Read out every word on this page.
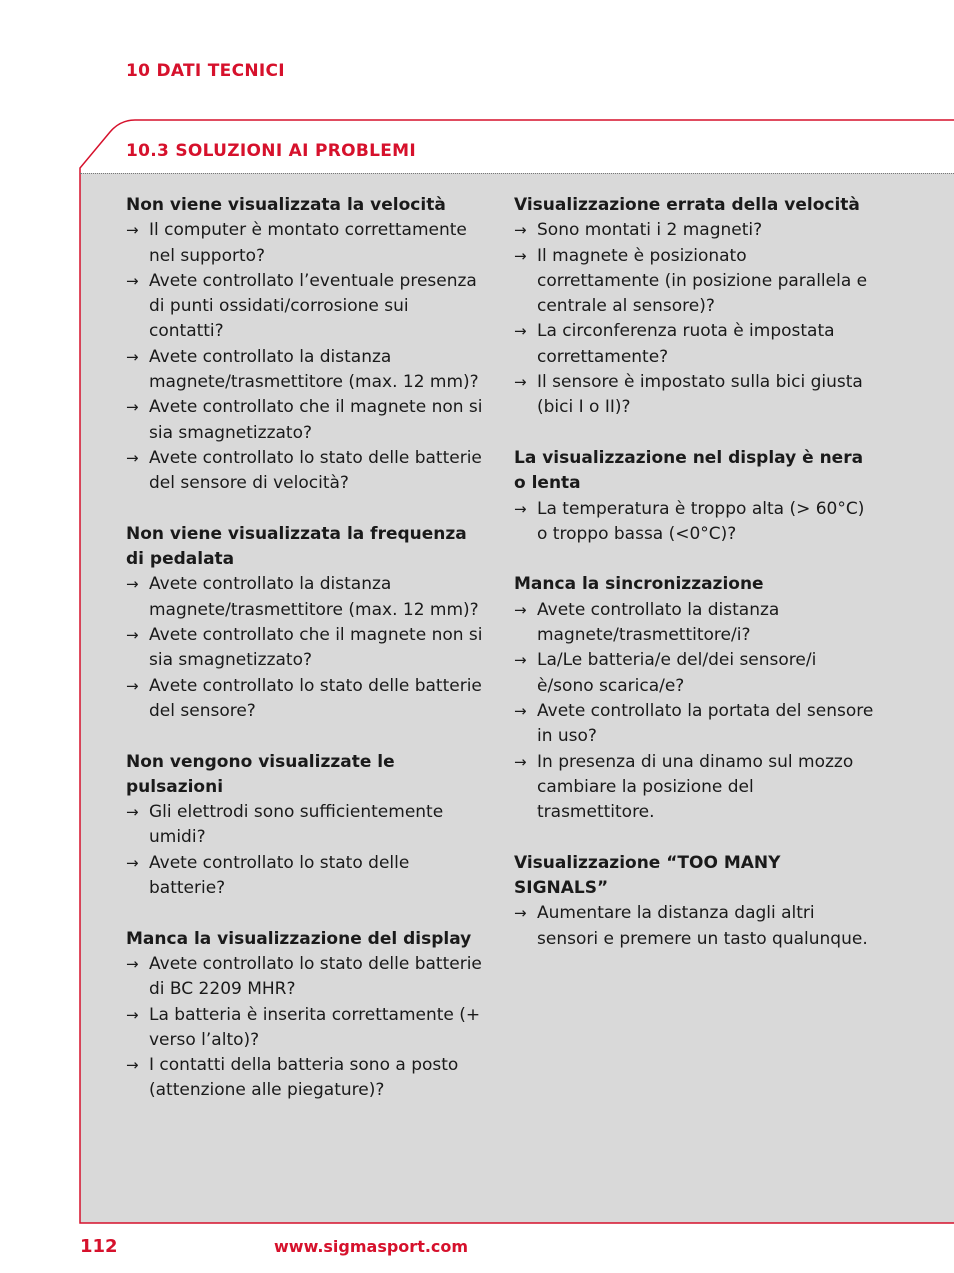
10 DATI TECNICI
10.3 SOLUZIONI AI PROBLEMI
Non viene visualizzata la velocità
→ Il computer è montato correttamente nel supporto?
→ Avete controllato l’eventuale presenza di punti ossidati/corrosione sui contatti?
→ Avete controllato la distanza magnete/trasmettitore (max. 12 mm)?
→ Avete controllato che il magnete non si sia smagnetizzato?
→ Avete controllato lo stato delle batterie del sensore di velocità?
Non viene visualizzata la frequenza di pedalata
→ Avete controllato la distanza magnete/trasmettitore (max. 12 mm)?
→ Avete controllato che il magnete non si sia smagnetizzato?
→ Avete controllato lo stato delle batterie del sensore?
Non vengono visualizzate le pulsazioni
→ Gli elettrodi sono sufficientemente umidi?
→ Avete controllato lo stato delle batterie?
Manca la visualizzazione del display
→ Avete controllato lo stato delle batterie di BC 2209 MHR?
→ La batteria è inserita correttamente (+ verso l’alto)?
→ I contatti della batteria sono a posto (attenzione alle piegature)?
Visualizzazione errata della velocità
→ Sono montati i 2 magneti?
→ Il magnete è posizionato correttamente (in posizione parallela e centrale al sensore)?
→ La circonferenza ruota è impostata correttamente?
→ Il sensore è impostato sulla bici giusta (bici I o II)?
La visualizzazione nel display è nera o lenta
→ La temperatura è troppo alta (> 60°C) o troppo bassa (<0°C)?
Manca la sincronizzazione
→ Avete controllato la distanza magnete/trasmettitore/i?
→ La/Le batteria/e del/dei sensore/i è/sono scarica/e?
→ Avete controllato la portata del sensore in uso?
→ In presenza di una dinamo sul mozzo cambiare la posizione del trasmettitore.
Visualizzazione “TOO MANY SIGNALS”
→ Aumentare la distanza dagli altri sensori e premere un tasto qualunque.
112	www.sigmasport.com
